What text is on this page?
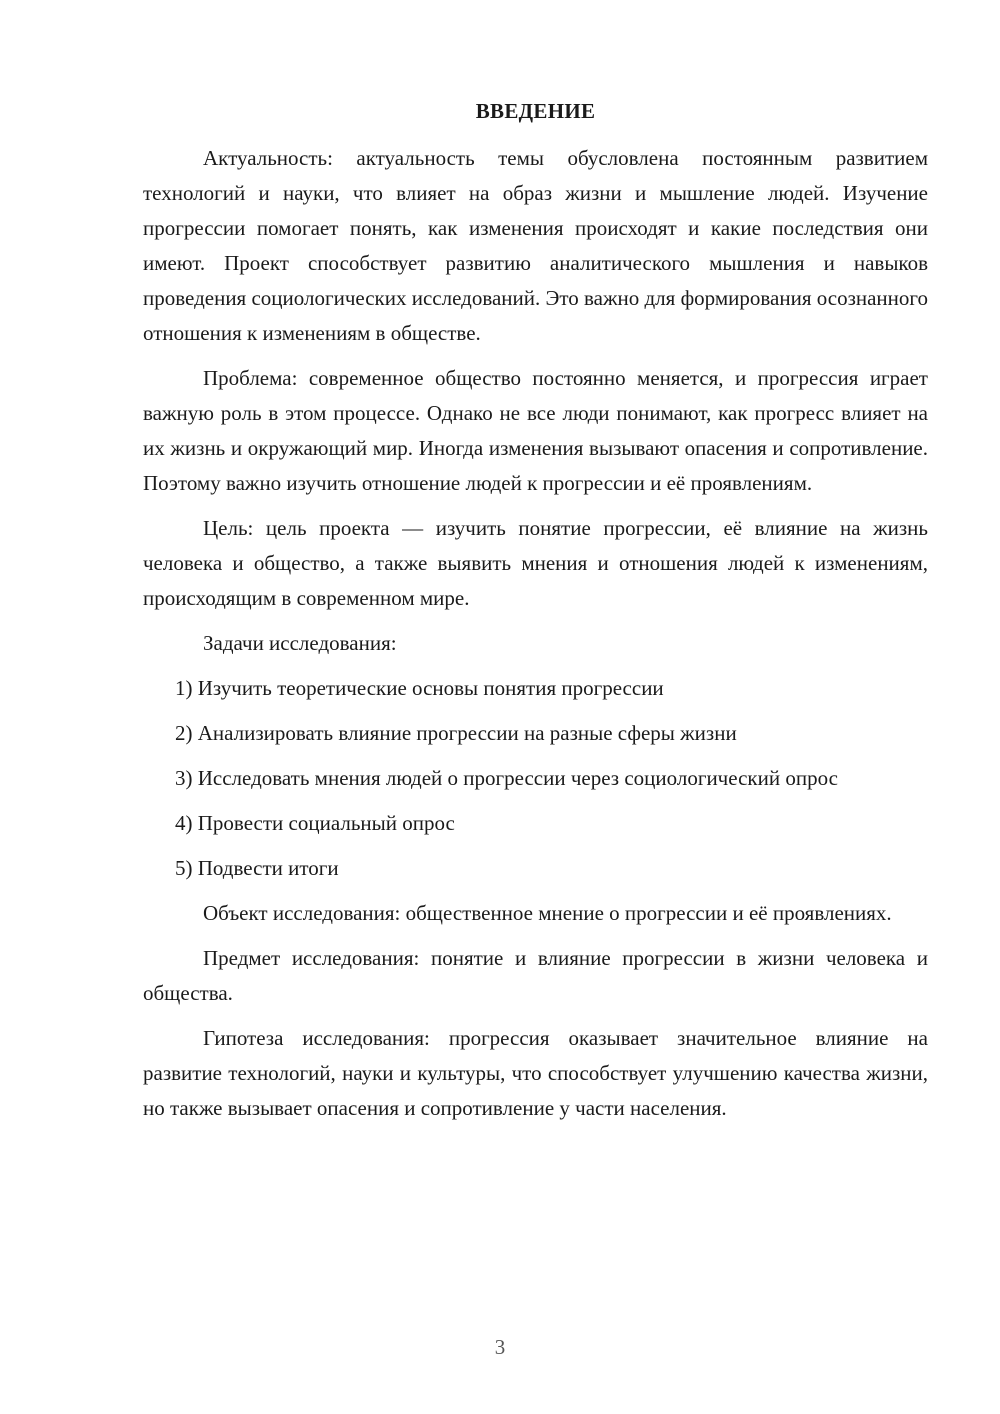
ВВЕДЕНИЕ

Актуальность: актуальность темы обусловлена постоянным развитием технологий и науки, что влияет на образ жизни и мышление людей. Изучение прогрессии помогает понять, как изменения происходят и какие последствия они имеют. Проект способствует развитию аналитического мышления и навыков проведения социологических исследований. Это важно для формирования осознанного отношения к изменениям в обществе.

Проблема: современное общество постоянно меняется, и прогрессия играет важную роль в этом процессе. Однако не все люди понимают, как прогресс влияет на их жизнь и окружающий мир. Иногда изменения вызывают опасения и сопротивление. Поэтому важно изучить отношение людей к прогрессии и её проявлениям.

Цель: цель проекта — изучить понятие прогрессии, её влияние на жизнь человека и общество, а также выявить мнения и отношения людей к изменениям, происходящим в современном мире.

Задачи исследования:

1) Изучить теоретические основы понятия прогрессии

2) Анализировать влияние прогрессии на разные сферы жизни

3) Исследовать мнения людей о прогрессии через социологический опрос

4) Провести социальный опрос

5) Подвести итоги

Объект исследования: общественное мнение о прогрессии и её проявлениях.

Предмет исследования: понятие и влияние прогрессии в жизни человека и общества.

Гипотеза исследования: прогрессия оказывает значительное влияние на развитие технологий, науки и культуры, что способствует улучшению качества жизни, но также вызывает опасения и сопротивление у части населения.

3
